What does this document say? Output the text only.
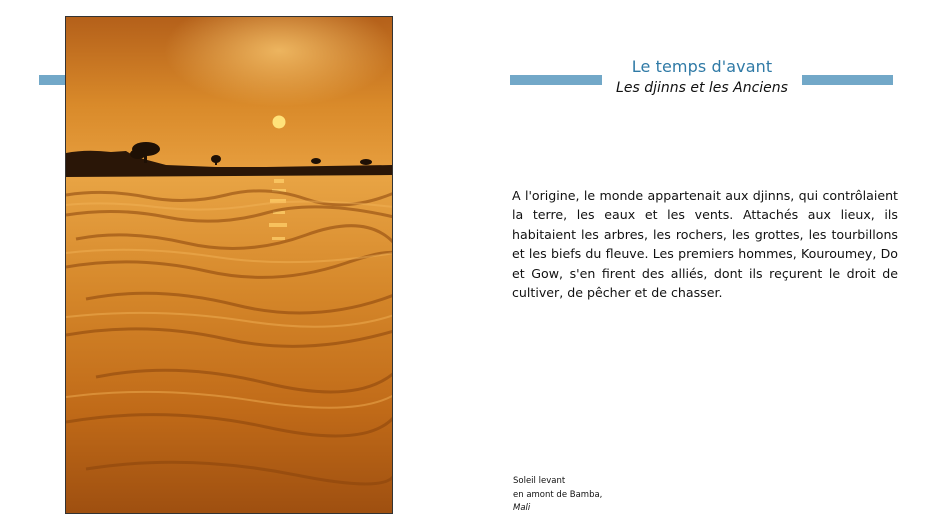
Le temps d'avant
Les djinns et les Anciens
A l'origine, le monde appartenait aux djinns, qui contrôlaient la terre, les eaux et les vents. Attachés aux lieux, ils habitaient les arbres, les rochers, les grottes, les tourbillons et les biefs du fleuve. Les premiers hommes, Kouroumey, Do et Gow, s'en firent des alliés, dont ils reçurent le droit de cultiver, de pêcher et de chasser.
Soleil levant
en amont de Bamba,
Mali
